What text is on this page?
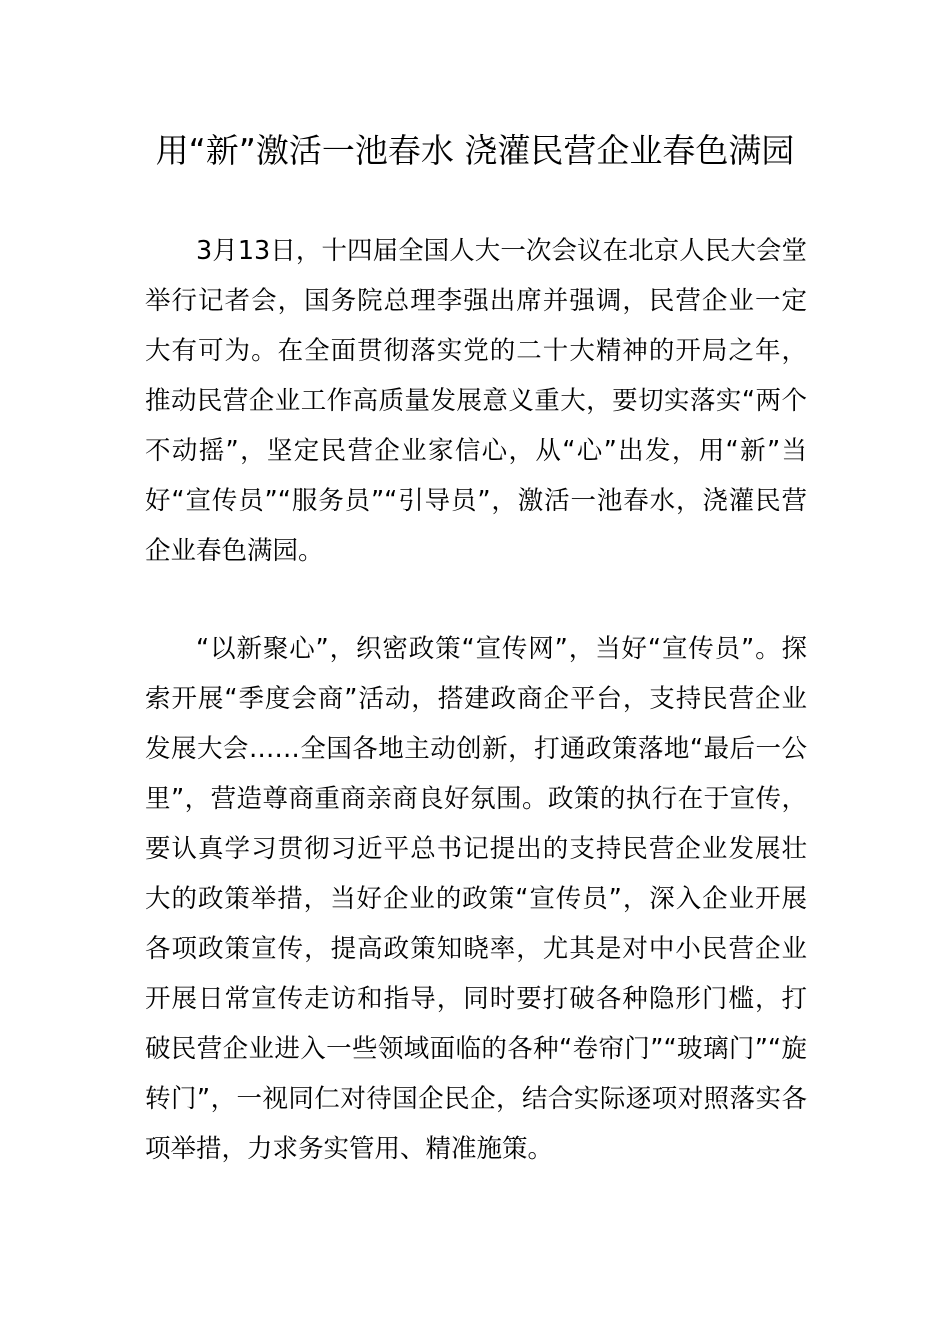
用“新”激活一池春水 浇灌民营企业春色满园

3月13日，十四届全国人大一次会议在北京人民大会堂举行记者会，国务院总理李强出席并强调，民营企业一定大有可为。在全面贯彻落实党的二十大精神的开局之年，推动民营企业工作高质量发展意义重大，要切实落实“两个不动摇”，坚定民营企业家信心，从“心”出发，用“新”当好“宣传员”“服务员”“引导员”，激活一池春水，浇灌民营企业春色满园。

“以新聚心”，织密政策“宣传网”，当好“宣传员”。探索开展“季度会商”活动，搭建政商企平台，支持民营企业发展大会……全国各地主动创新，打通政策落地“最后一公里”，营造尊商重商亲商良好氛围。政策的执行在于宣传，要认真学习贯彻习近平总书记提出的支持民营企业发展壮大的政策举措，当好企业的政策“宣传员”，深入企业开展各项政策宣传，提高政策知晓率，尤其是对中小民营企业开展日常宣传走访和指导，同时要打破各种隐形门槛，打破民营企业进入一些领域面临的各种“卷帘门”“玻璃门”“旋转门”，一视同仁对待国企民企，结合实际逐项对照落实各项举措，力求务实管用、精准施策。
